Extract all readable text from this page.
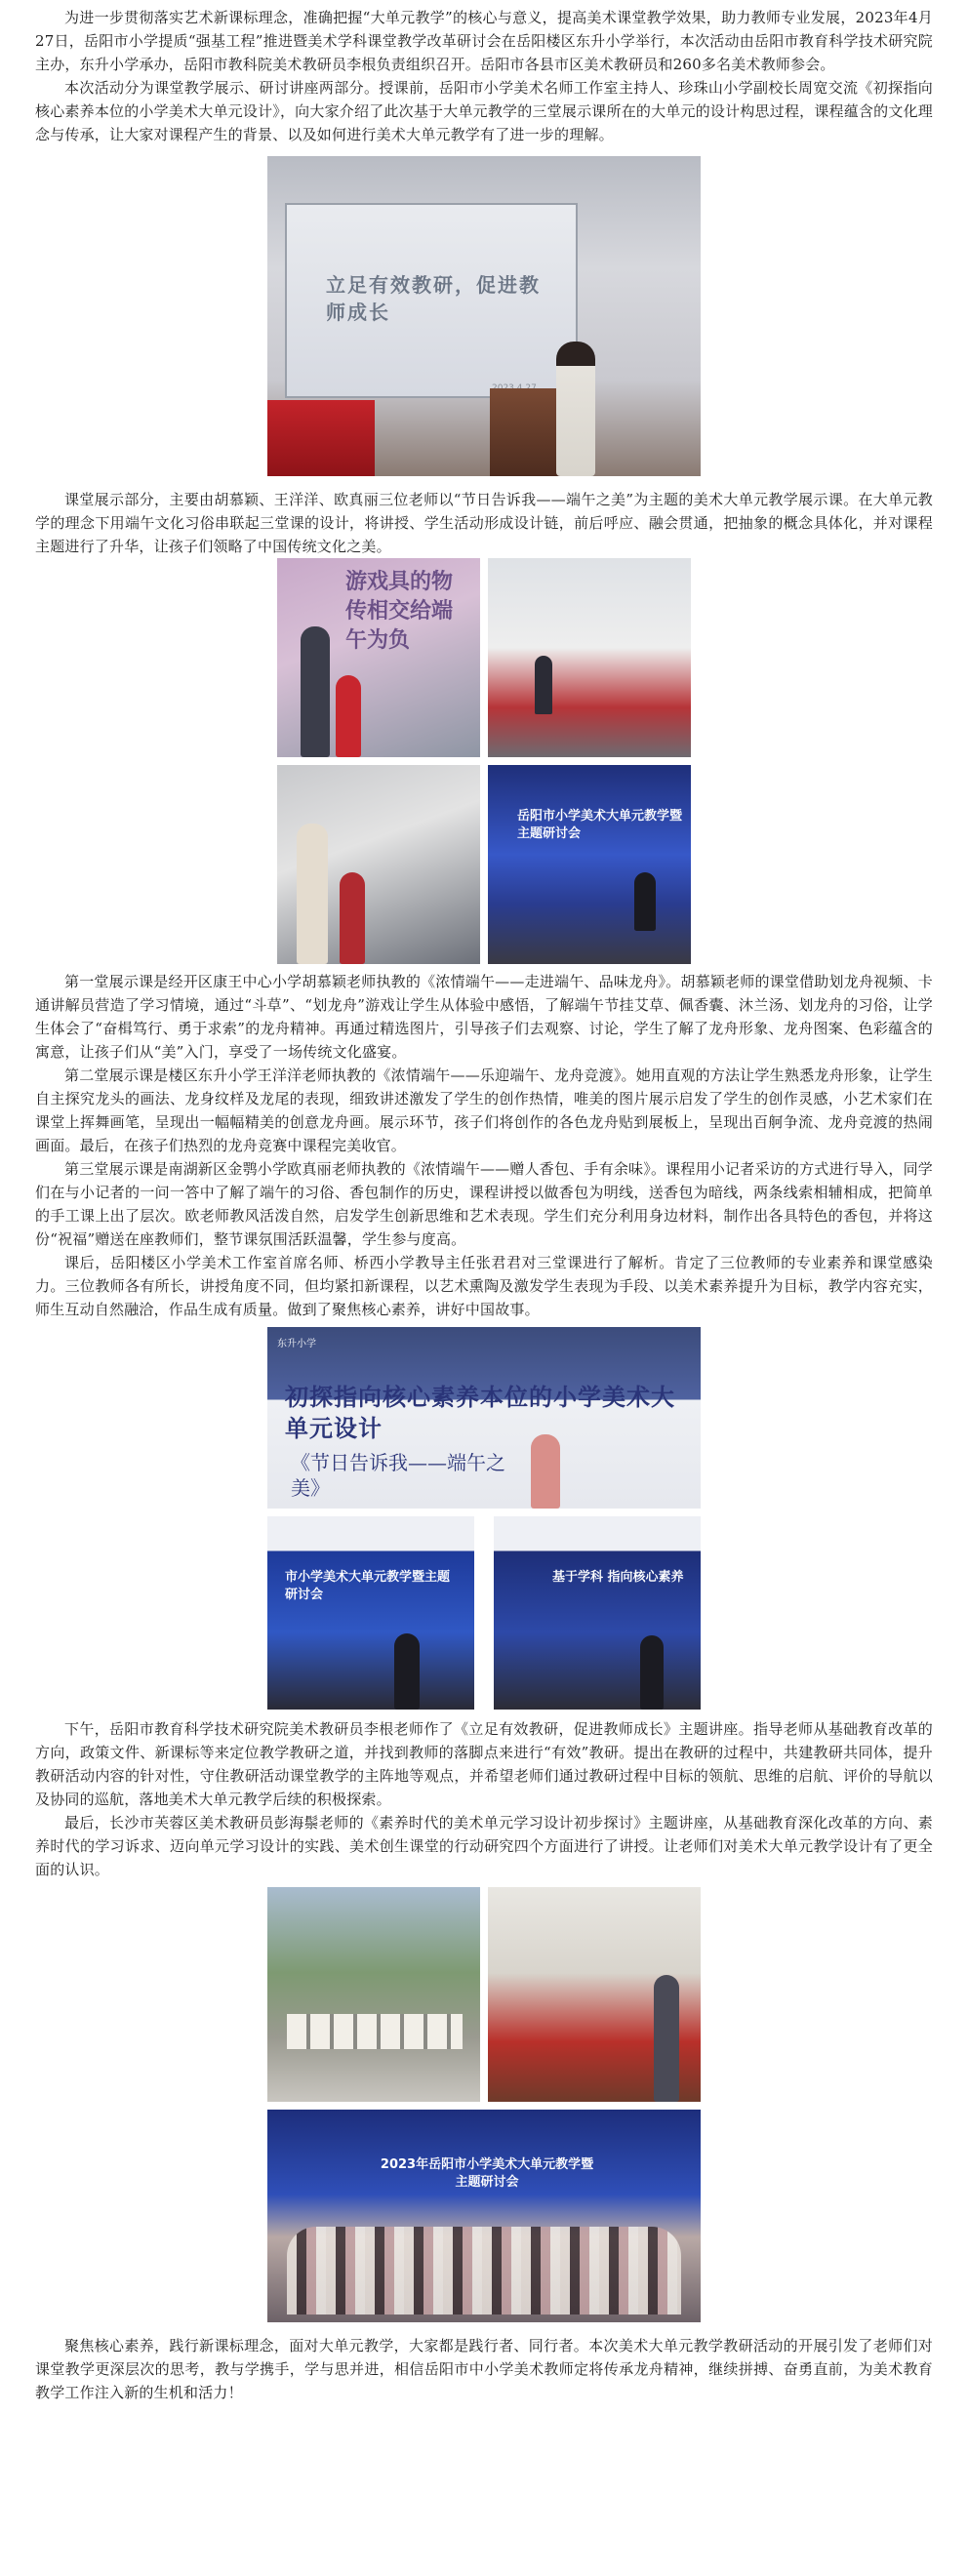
为进一步贯彻落实艺术新课标理念，准确把握“大单元教学”的核心与意义，提高美术课堂教学效果，助力教师专业发展，2023年4月27日，岳阳市小学提质“强基工程”推进暨美术学科课堂教学改革研讨会在岳阳楼区东升小学举行，本次活动由岳阳市教育科学技术研究院主办，东升小学承办，岳阳市教科院美术教研员李根负责组织召开。岳阳市各县市区美术教研员和260多名美术教师参会。

本次活动分为课堂教学展示、研讨讲座两部分。授课前，岳阳市小学美术名师工作室主持人、珍珠山小学副校长周宽交流《初探指向核心素养本位的小学美术大单元设计》，向大家介绍了此次基于大单元教学的三堂展示课所在的大单元的设计构思过程，课程蕴含的文化理念与传承，让大家对课程产生的背景、以及如何进行美术大单元教学有了进一步的理解。

立足有效教研，促进教师成长

课堂展示部分，主要由胡慕颖、王洋洋、欧真丽三位老师以“节日告诉我——端午之美”为主题的美术大单元教学展示课。在大单元教学的理念下用端午文化习俗串联起三堂课的设计，将讲授、学生活动形成设计链，前后呼应、融会贯通，把抽象的概念具体化，并对课程主题进行了升华，让孩子们领略了中国传统文化之美。

游戏具的物传相交给端午为负
岳阳市小学美术大单元教学暨主题研讨会

第一堂展示课是经开区康王中心小学胡慕颖老师执教的《浓情端午——走进端午、品味龙舟》。胡慕颖老师的课堂借助划龙舟视频、卡通讲解员营造了学习情境，通过“斗草”、“划龙舟”游戏让学生从体验中感悟，了解端午节挂艾草、佩香囊、沐兰汤、划龙舟的习俗，让学生体会了“奋楫笃行、勇于求索”的龙舟精神。再通过精选图片，引导孩子们去观察、讨论，学生了解了龙舟形象、龙舟图案、色彩蕴含的寓意，让孩子们从“美”入门，享受了一场传统文化盛宴。

第二堂展示课是楼区东升小学王洋洋老师执教的《浓情端午——乐迎端午、龙舟竞渡》。她用直观的方法让学生熟悉龙舟形象，让学生自主探究龙头的画法、龙身纹样及龙尾的表现，细致讲述激发了学生的创作热情，唯美的图片展示启发了学生的创作灵感，小艺术家们在课堂上挥舞画笔，呈现出一幅幅精美的创意龙舟画。展示环节，孩子们将创作的各色龙舟贴到展板上，呈现出百舸争流、龙舟竞渡的热闹画面。最后，在孩子们热烈的龙舟竞赛中课程完美收官。

第三堂展示课是南湖新区金鹗小学欧真丽老师执教的《浓情端午——赠人香包、手有余味》。课程用小记者采访的方式进行导入，同学们在与小记者的一问一答中了解了端午的习俗、香包制作的历史，课程讲授以做香包为明线，送香包为暗线，两条线索相辅相成，把简单的手工课上出了层次。欧老师教风活泼自然，启发学生创新思维和艺术表现。学生们充分利用身边材料，制作出各具特色的香包，并将这份“祝福”赠送在座教师们，整节课氛围活跃温馨，学生参与度高。

课后，岳阳楼区小学美术工作室首席名师、桥西小学教导主任张君君对三堂课进行了解析。肯定了三位教师的专业素养和课堂感染力。三位教师各有所长，讲授角度不同，但均紧扣新课程，以艺术熏陶及激发学生表现为手段、以美术素养提升为目标，教学内容充实，师生互动自然融洽，作品生成有质量。做到了聚焦核心素养，讲好中国故事。

东升小学
初探指向核心素养本位的小学美术大单元设计
《节日告诉我——端午之美》
市小学美术大单元教学暨主题研讨会
基于学科 指向核心素养

下午，岳阳市教育科学技术研究院美术教研员李根老师作了《立足有效教研，促进教师成长》主题讲座。指导老师从基础教育改革的方向，政策文件、新课标等来定位教学教研之道，并找到教师的落脚点来进行“有效”教研。提出在教研的过程中，共建教研共同体，提升教研活动内容的针对性，守住教研活动课堂教学的主阵地等观点，并希望老师们通过教研过程中目标的领航、思维的启航、评价的导航以及协同的巡航，落地美术大单元教学后续的积极探索。

最后，长沙市芙蓉区美术教研员彭海鬃老师的《素养时代的美术单元学习设计初步探讨》主题讲座，从基础教育深化改革的方向、素养时代的学习诉求、迈向单元学习设计的实践、美术创生课堂的行动研究四个方面进行了讲授。让老师们对美术大单元教学设计有了更全面的认识。

2023年岳阳市小学美术大单元教学暨主题研讨会

聚焦核心素养，践行新课标理念，面对大单元教学，大家都是践行者、同行者。本次美术大单元教学教研活动的开展引发了老师们对课堂教学更深层次的思考，教与学携手，学与思并进，相信岳阳市中小学美术教师定将传承龙舟精神，继续拼搏、奋勇直前，为美术教育教学工作注入新的生机和活力！
